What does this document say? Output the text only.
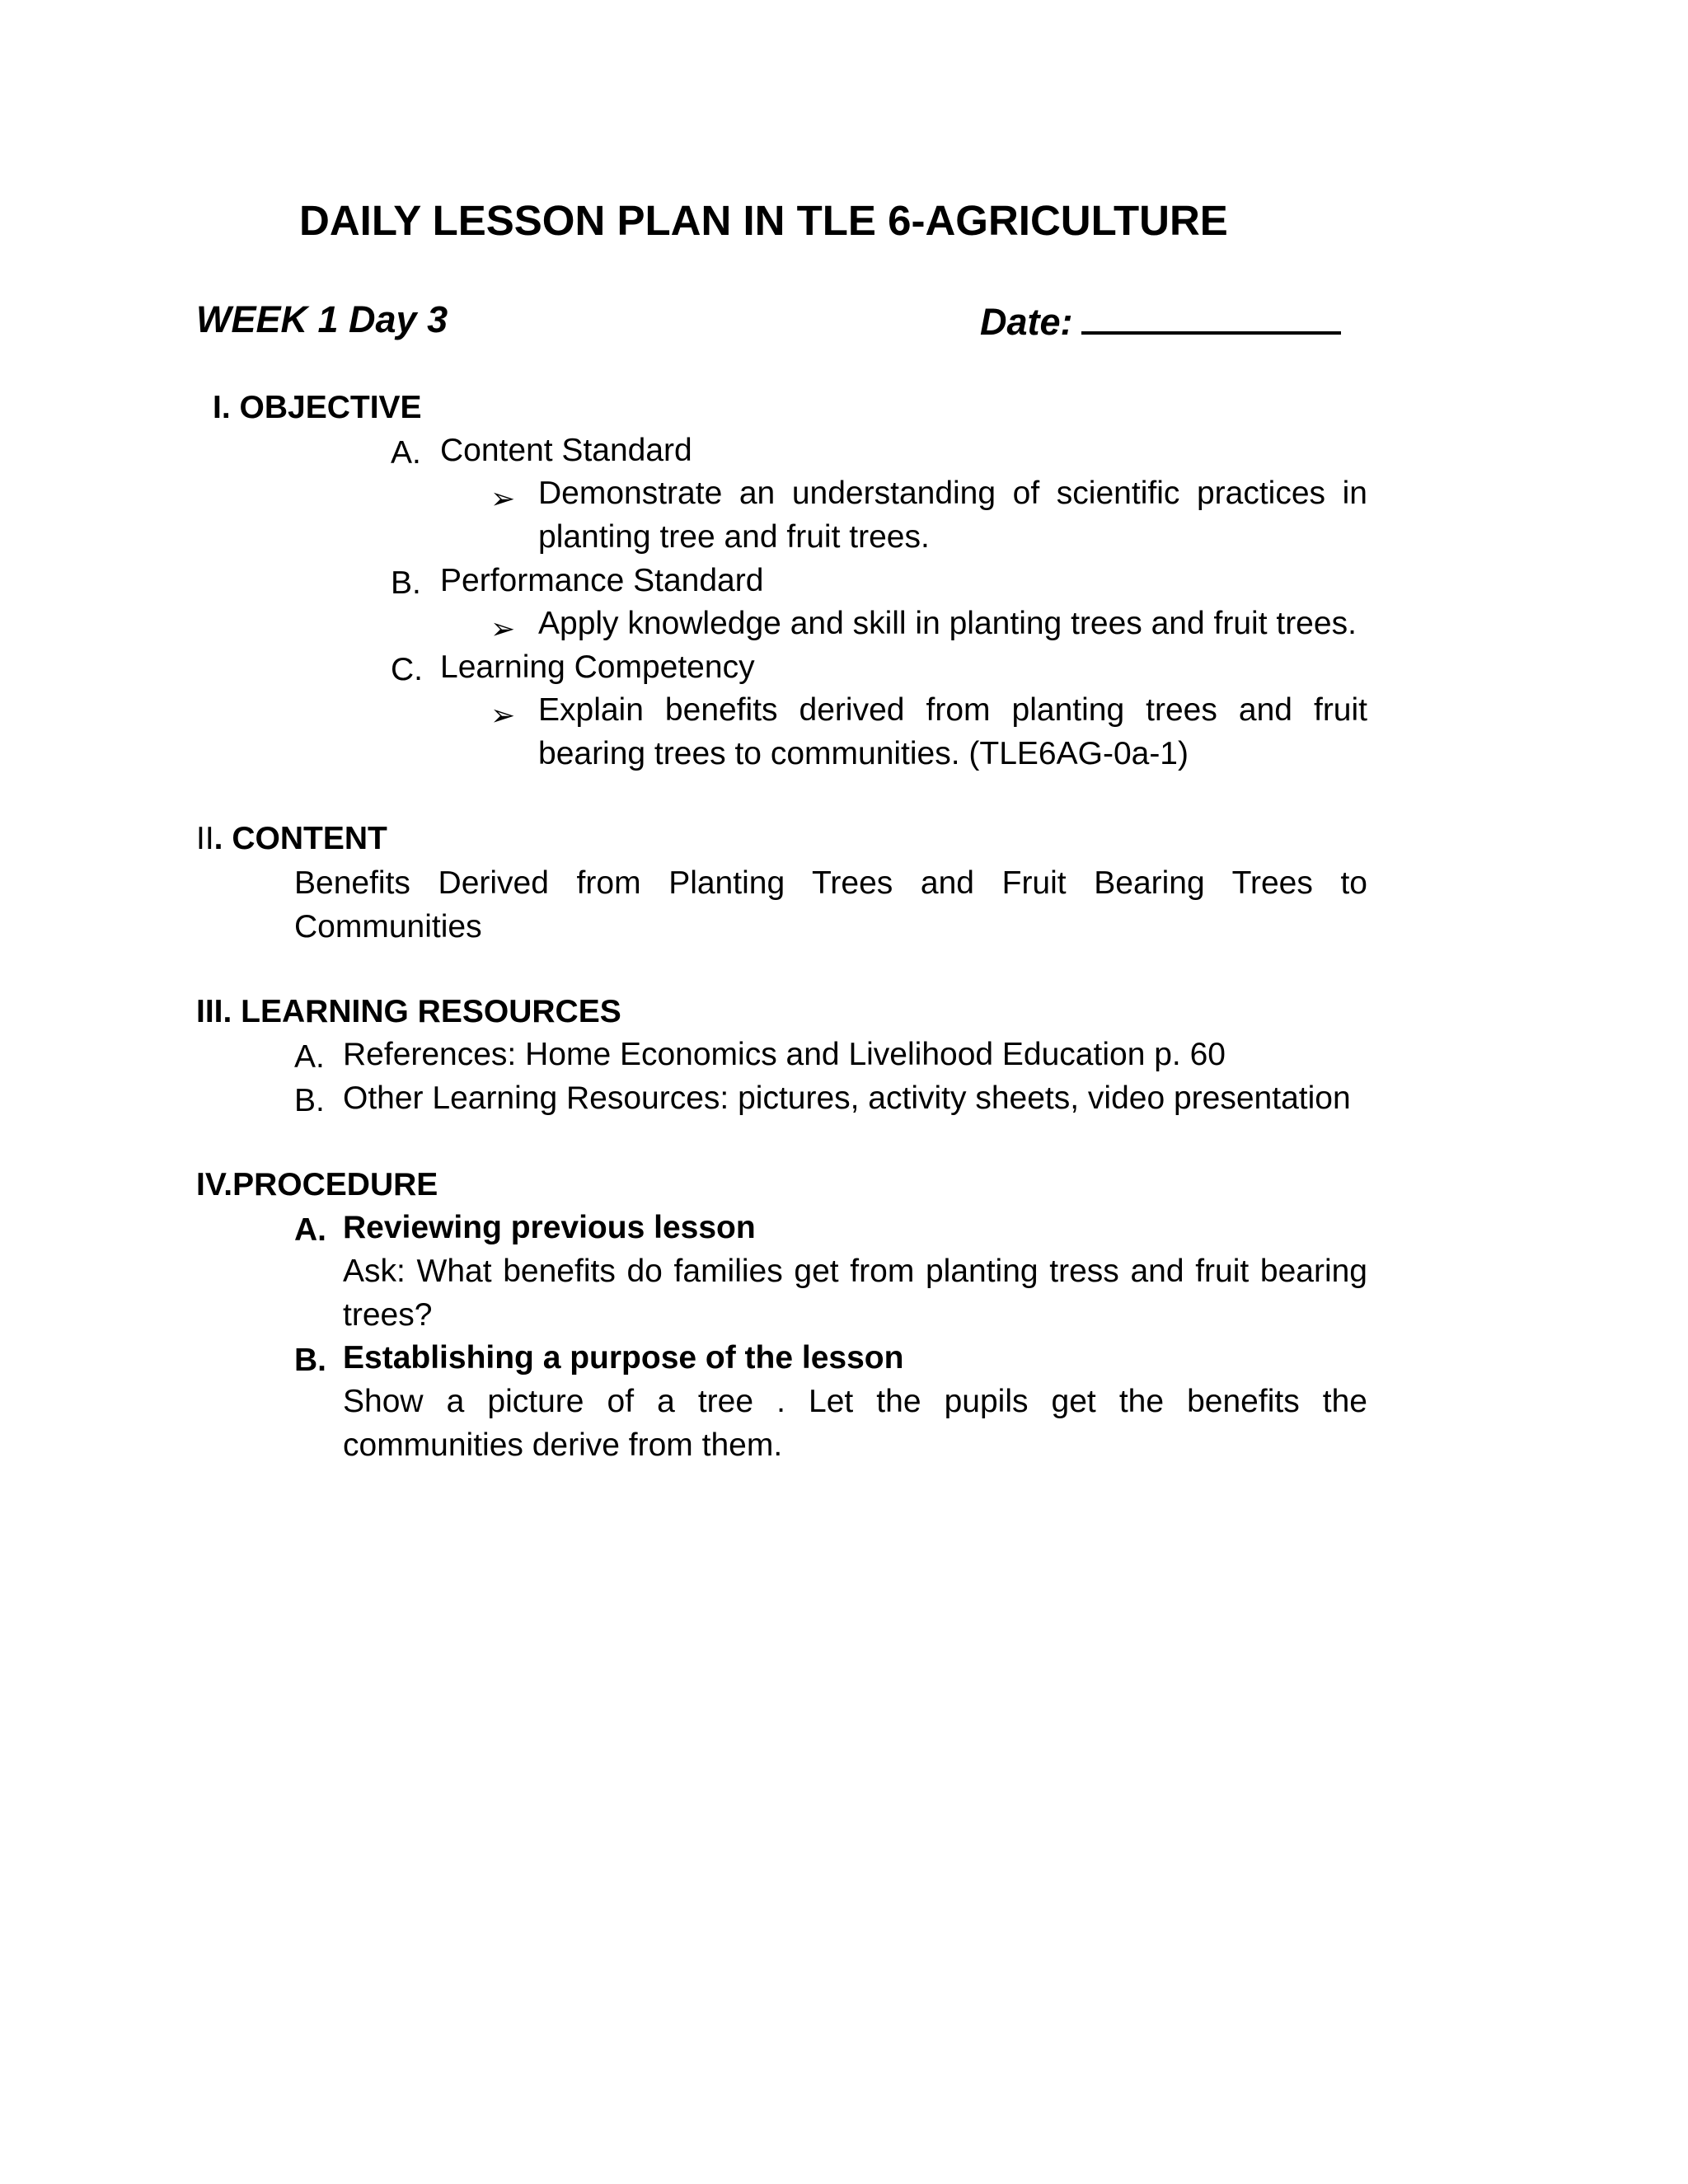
DAILY LESSON PLAN IN TLE 6-AGRICULTURE
WEEK 1 Day 3	Date:
I. OBJECTIVE
A. Content Standard
➢ Demonstrate an understanding of scientific practices in planting tree and fruit trees.
B. Performance Standard
➢ Apply knowledge and skill in planting trees and fruit trees.
C. Learning Competency
➢ Explain benefits derived from planting trees and fruit bearing trees to communities. (TLE6AG-0a-1)
II. CONTENT
Benefits Derived from Planting Trees and Fruit Bearing Trees to Communities
III. LEARNING RESOURCES
A. References: Home Economics and Livelihood Education p. 60
B. Other Learning Resources: pictures, activity sheets, video presentation
IV.PROCEDURE
A. Reviewing previous lesson
Ask: What benefits do families get from planting tress and fruit bearing trees?
B. Establishing a purpose of the lesson
Show a picture of a tree . Let the pupils get the benefits the communities derive from them.
